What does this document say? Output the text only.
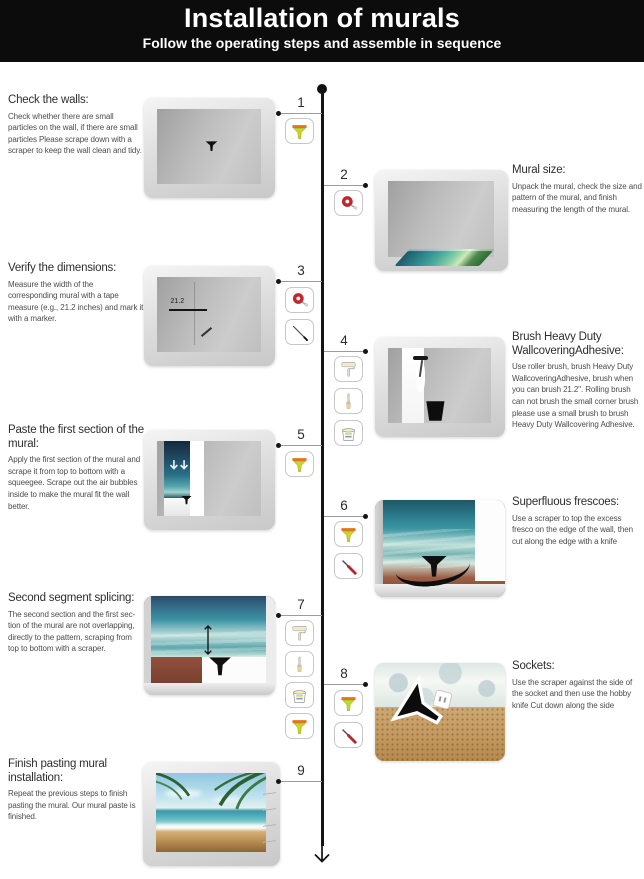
Installation of murals
Follow the operating steps and assemble in sequence

Check the walls:

Check whether there are small particles on the wall, if there are small particles Please scrape down with a scraper to keep the wall clean and tidy.

1
2	Mural size:

Unpack the mural, check the size and pattern of the mural, and finish measuring the length of the mural.

Verify the dimensions:

Measure the width of the corresponding mural with a tape measure (e.g., 21.2 inches) and mark it with a marker.

21.2
3
4	Brush Heavy Duty WallcoveringAdhesive:

Use roller brush, brush Heavy Duty WallcoveringAdhesive, brush when you can brush 21.2". Rolling brush can not brush the small corner brush please use a small brush to brush Heavy Duty Wallcovering Adhesive.

Paste the first section of the mural:

Apply the first section of the mural and scrape it from top to bottom with a squeegee. Scrape out the air bubbles inside to make the mural fit the wall better.

5
6	Superfluous frescoes:

Use a scraper to top the excess fresco on the edge of the wall, then cut along the edge with a knife

Second segment splicing:

The second section and the first sec-tion of the mural are not overlapping, directly to the pattern, scraping from top to bottom with a scraper.

7
8	Sockets:

Use the scraper against the side of the socket and then use the hobby knife Cut down along the side

Finish pasting mural installation:

Repeat the previous steps to finish pasting the mural. Our mural paste is finished.

9
